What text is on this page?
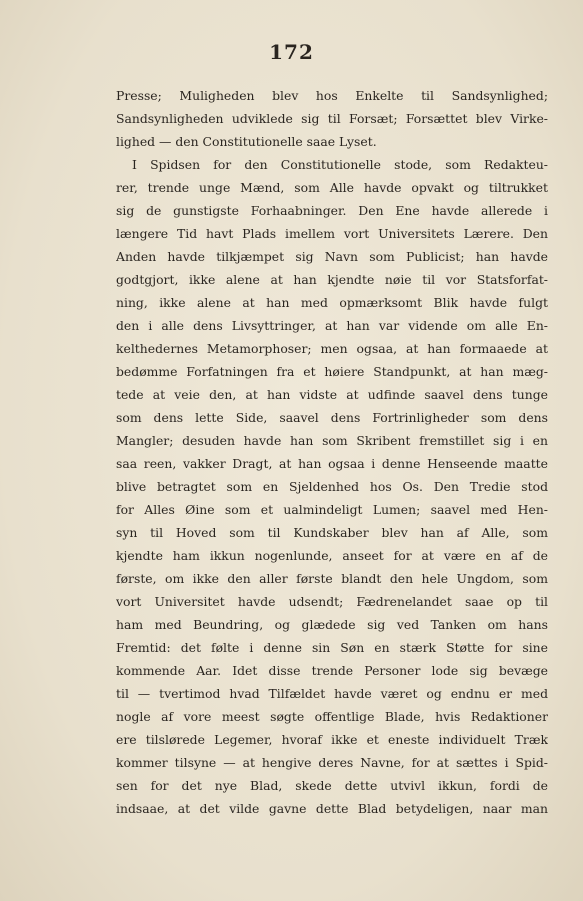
172
Presse; Muligheden blev hos Enkelte til Sandsynlighed;
Sandsynligheden udviklede sig til Forsæt; Forsættet blev Virke-
lighed — den Constitutionelle saae Lyset.
I Spidsen for den Constitutionelle stode, som Redakteu-
rer, trende unge Mænd, som Alle havde opvakt og tiltrukket
sig de gunstigste Forhaabninger. Den Ene havde allerede i
længere Tid havt Plads imellem vort Universitets Lærere. Den
Anden havde tilkjæmpet sig Navn som Publicist; han havde
godtgjort, ikke alene at han kjendte nøie til vor Statsforfat-
ning, ikke alene at han med opmærksomt Blik havde fulgt
den i alle dens Livsyttringer, at han var vidende om alle En-
kelthedernes Metamorphoser; men ogsaa, at han formaaede at
bedømme Forfatningen fra et høiere Standpunkt, at han mæg-
tede at veie den, at han vidste at udfinde saavel dens tunge
som dens lette Side, saavel dens Fortrinligheder som dens
Mangler; desuden havde han som Skribent fremstillet sig i en
saa reen, vakker Dragt, at han ogsaa i denne Henseende maatte
blive betragtet som en Sjeldenhed hos Os. Den Tredie stod
for Alles Øine som et ualmindeligt Lumen; saavel med Hen-
syn til Hoved som til Kundskaber blev han af Alle, som
kjendte ham ikkun nogenlunde, anseet for at være en af de
første, om ikke den aller første blandt den hele Ungdom, som
vort Universitet havde udsendt; Fædrenelandet saae op til
ham med Beundring, og glædede sig ved Tanken om hans
Fremtid: det følte i denne sin Søn en stærk Støtte for sine
kommende Aar. Idet disse trende Personer lode sig bevæge
til — tvertimod hvad Tilfældet havde været og endnu er med
nogle af vore meest søgte offentlige Blade, hvis Redaktioner
ere tilslørede Legemer, hvoraf ikke et eneste individuelt Træk
kommer tilsyne — at hengive deres Navne, for at sættes i Spid-
sen for det nye Blad, skede dette utvivl ikkun, fordi de
indsaae, at det vilde gavne dette Blad betydeligen, naar man
